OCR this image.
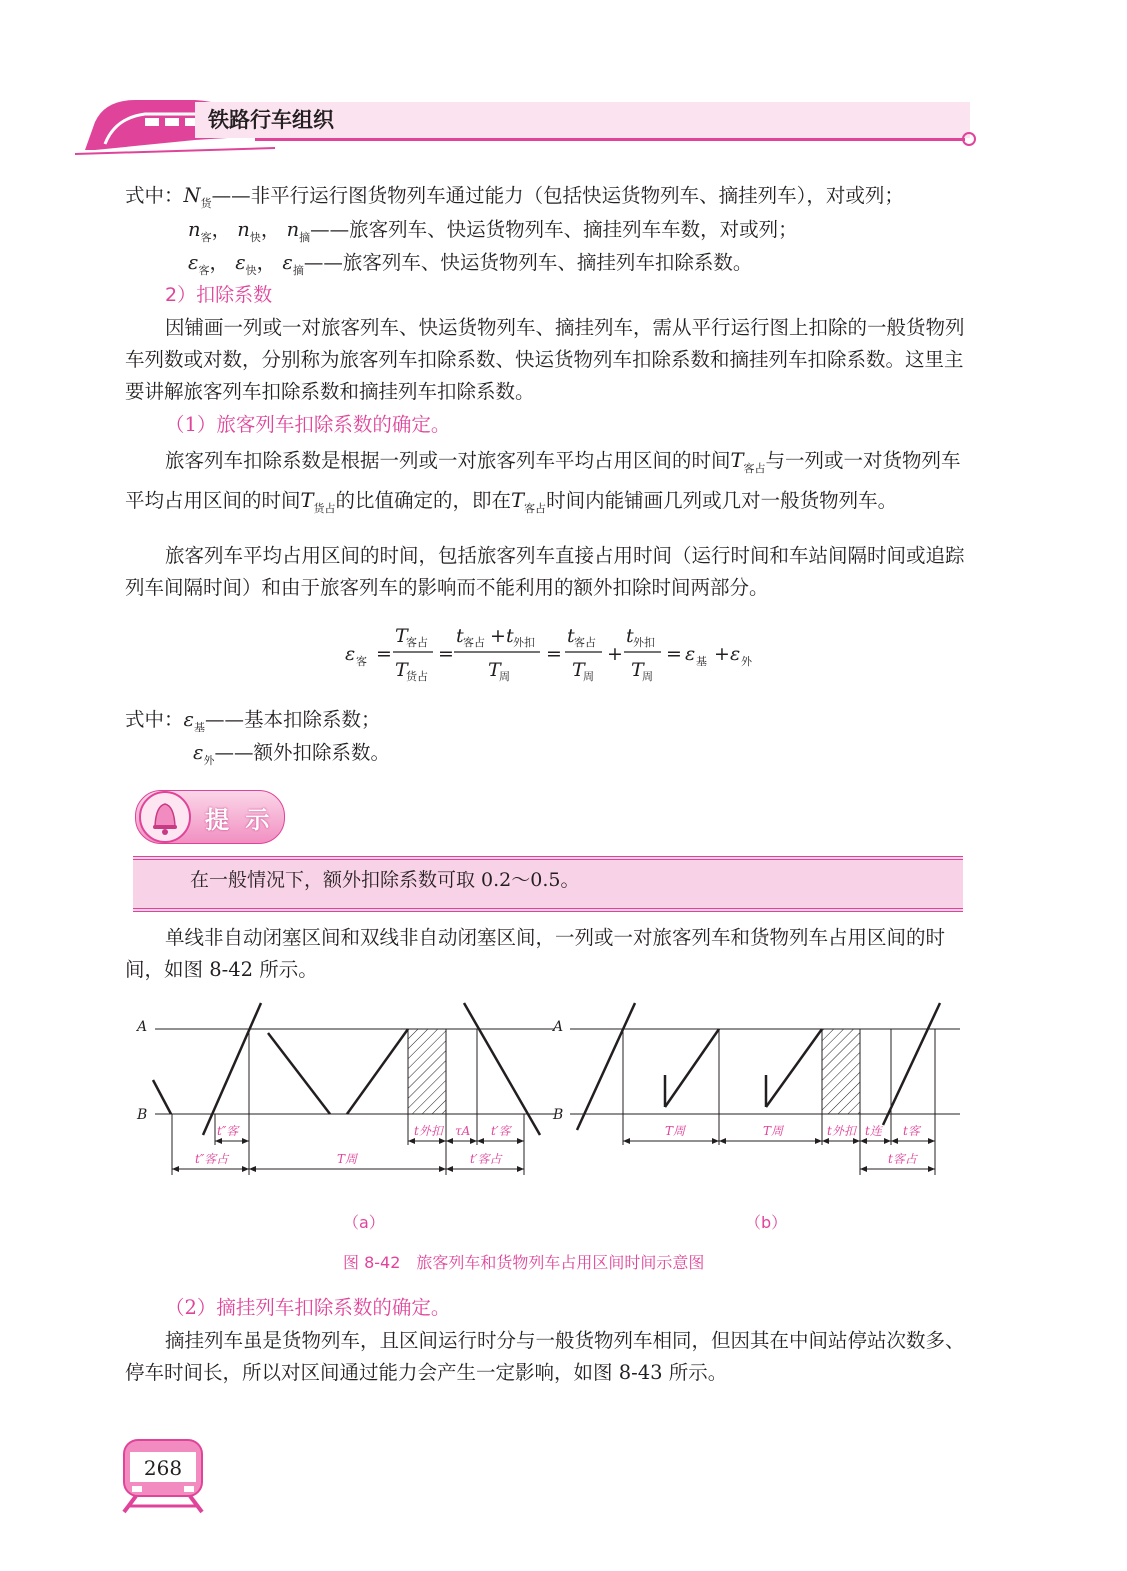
铁路行车组织
式中：$N_货——$非平行运行图货物列车通过能力（包括快运货物列车、摘挂列车），对或列；
$n_客$， $n_快$， $n_摘——$旅客列车、快运货物列车、摘挂列车车数，对或列；
$\varepsilon_客$， $\varepsilon_快$， $\varepsilon_摘——$旅客列车、快运货物列车、摘挂列车扣除系数。
2）扣除系数

因铺画一列或一对旅客列车、快运货物列车、摘挂列车，需从平行运行图上扣除的一般货物列车列数或对数，分别称为旅客列车扣除系数、快运货物列车扣除系数和摘挂列车扣除系数。这里主要讲解旅客列车扣除系数和摘挂列车扣除系数。

（1）旅客列车扣除系数的确定。

旅客列车扣除系数是根据一列或一对旅客列车平均占用区间的时间$T_{客占}$与一列或一对货物列车平均占用区间的时间$T_{货占}$的比值确定的，即在$T_{客占}$时间内能铺画几列或几对一般货物列车。

旅客列车平均占用区间的时间，包括旅客列车直接占用时间（运行时间和车站间隔时间或追踪列车间隔时间）和由于旅客列车的影响而不能利用的额外扣除时间两部分。

ε 客 =
T
客占
T
货占
=
t 客占 + t 外扣
T
周
=
t 客占
T
周
+
t 外扣
T
周
= ε 基 + ε 外
式中：$\varepsilon_基——$基本扣除系数；
$\varepsilon_外——$额外扣除系数。
提 示
在一般情况下，额外扣除系数可取 0.2～0.5。

单线非自动闭塞区间和双线非自动闭塞区间，一列或一对旅客列车和货物列车占用区间的时间，如图 8-42 所示。

A
B
A
B
t″客	t外扣 τA t′客
t″客占	T周	t′客占
T周	T周	t外扣 t连 t客
t客占
（a）	（b）
图 8-42　旅客列车和货物列车占用区间时间示意图
（2）摘挂列车扣除系数的确定。

摘挂列车虽是货物列车，且区间运行时分与一般货物列车相同，但因其在中间站停站次数多、停车时间长，所以对区间通过能力会产生一定影响，如图 8-43 所示。

268
